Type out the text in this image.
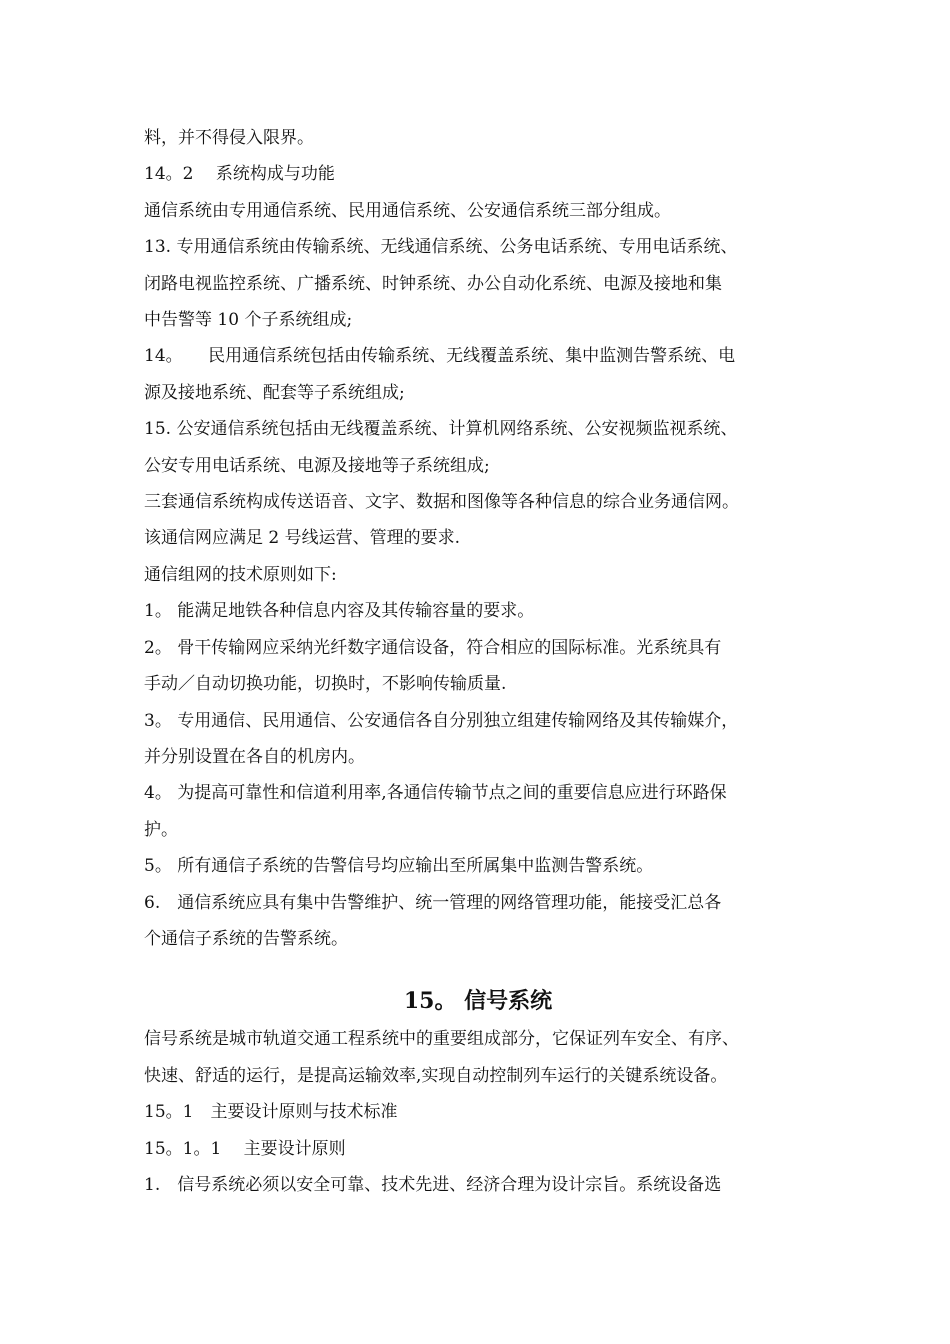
料，并不得侵入限界。
14。2　 系统构成与功能
通信系统由专用通信系统、民用通信系统、公安通信系统三部分组成。
13. 专用通信系统由传输系统、无线通信系统、公务电话系统、专用电话系统、
闭路电视监控系统、广播系统、时钟系统、办公自动化系统、电源及接地和集
中告警等 10 个子系统组成;
14。　　民用通信系统包括由传输系统、无线覆盖系统、集中监测告警系统、电
源及接地系统、配套等子系统组成;
15. 公安通信系统包括由无线覆盖系统、计算机网络系统、公安视频监视系统、
公安专用电话系统、电源及接地等子系统组成;
三套通信系统构成传送语音、文字、数据和图像等各种信息的综合业务通信网。
该通信网应满足 2 号线运营、管理的要求.
通信组网的技术原则如下:
1。 能满足地铁各种信息内容及其传输容量的要求。
2。 骨干传输网应采纳光纤数字通信设备，符合相应的国际标准。光系统具有
手动／自动切换功能，切换时，不影响传输质量.
3。 专用通信、民用通信、公安通信各自分别独立组建传输网络及其传输媒介，
并分别设置在各自的机房内。
4。 为提高可靠性和信道利用率,各通信传输节点之间的重要信息应进行环路保
护。
5。 所有通信子系统的告警信号均应输出至所属集中监测告警系统。
6.　通信系统应具有集中告警维护、统一管理的网络管理功能，能接受汇总各
个通信子系统的告警系统。
15。 信号系统
信号系统是城市轨道交通工程系统中的重要组成部分，它保证列车安全、有序、
快速、舒适的运行，是提高运输效率,实现自动控制列车运行的关键系统设备。
15。1　主要设计原则与技术标准
15。1。1　 主要设计原则
1.　信号系统必须以安全可靠、技术先进、经济合理为设计宗旨。系统设备选
